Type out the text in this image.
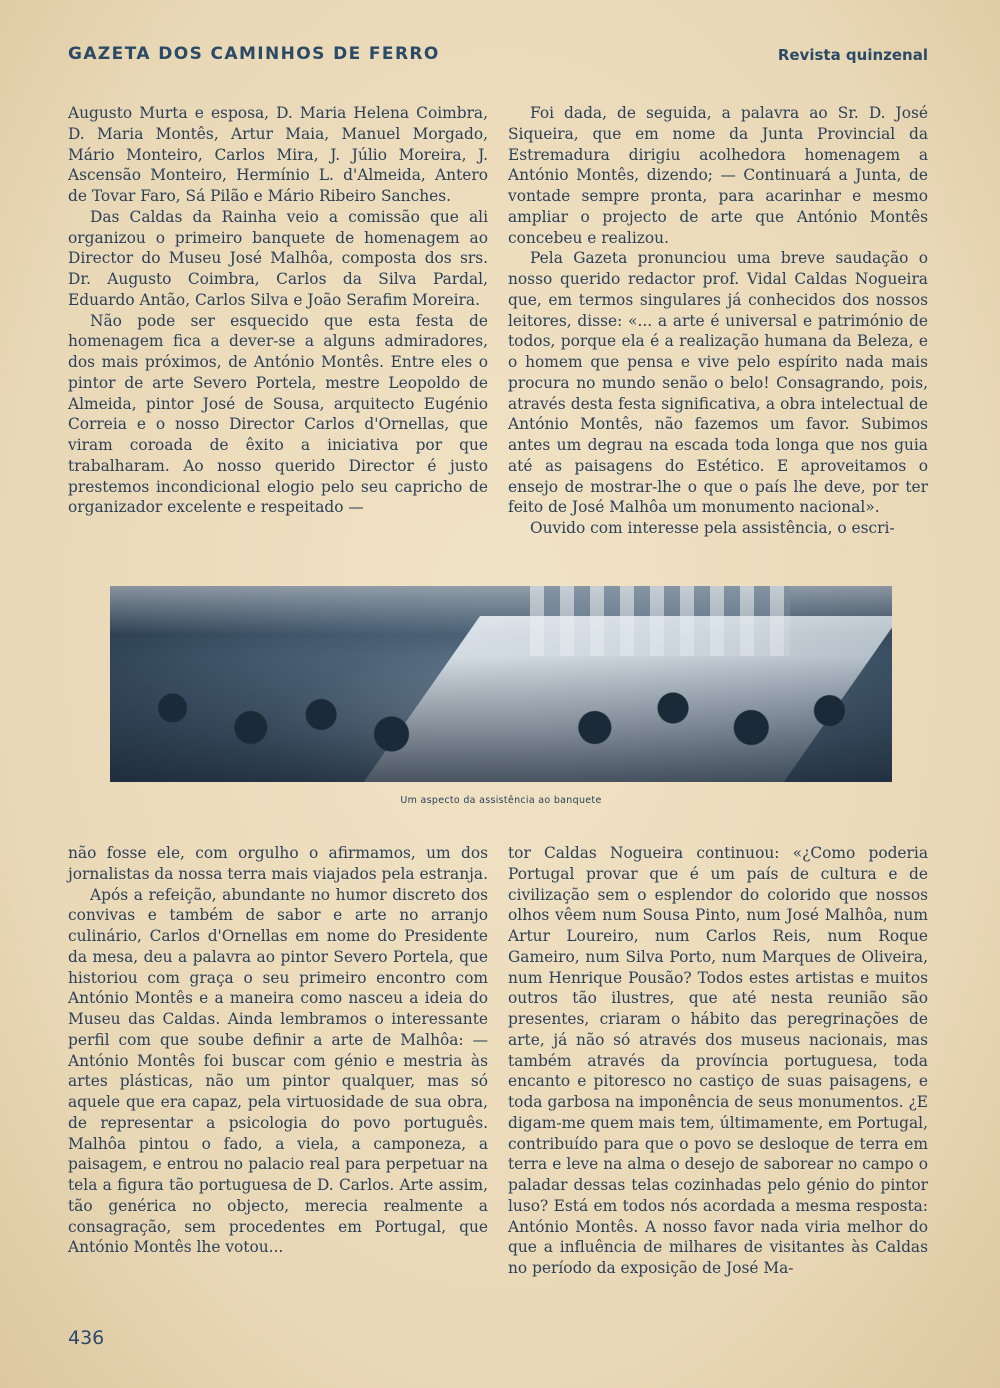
GAZETA DOS CAMINHOS DE FERRO	Revista quinzenal

Augusto Murta e esposa, D. Maria Helena Coimbra, D. Maria Montês, Artur Maia, Manuel Morgado, Mário Monteiro, Carlos Mira, J. Júlio Moreira, J. Ascensão Monteiro, Hermínio L. d'Almeida, Antero de Tovar Faro, Sá Pilão e Mário Ribeiro Sanches.

Das Caldas da Rainha veio a comissão que ali organizou o primeiro banquete de homenagem ao Director do Museu José Malhôa, composta dos srs. Dr. Augusto Coimbra, Carlos da Silva Pardal, Eduardo Antão, Carlos Silva e João Serafim Moreira.

Não pode ser esquecido que esta festa de homenagem fica a dever-se a alguns admiradores, dos mais próximos, de António Montês. Entre eles o pintor de arte Severo Portela, mestre Leopoldo de Almeida, pintor José de Sousa, arquitecto Eugénio Correia e o nosso Director Carlos d'Ornellas, que viram coroada de êxito a iniciativa por que trabalharam. Ao nosso querido Director é justo prestemos incondicional elogio pelo seu capricho de organizador excelente e respeitado —

Foi dada, de seguida, a palavra ao Sr. D. José Siqueira, que em nome da Junta Provincial da Estremadura dirigiu acolhedora homenagem a António Montês, dizendo; — Continuará a Junta, de vontade sempre pronta, para acarinhar e mesmo ampliar o projecto de arte que António Montês concebeu e realizou.

Pela Gazeta pronunciou uma breve saudação o nosso querido redactor prof. Vidal Caldas Nogueira que, em termos singulares já conhecidos dos nossos leitores, disse: «... a arte é universal e património de todos, porque ela é a realização humana da Beleza, e o homem que pensa e vive pelo espírito nada mais procura no mundo senão o belo! Consagrando, pois, através desta festa significativa, a obra intelectual de António Montês, não fazemos um favor. Subimos antes um degrau na escada toda longa que nos guia até as paisagens do Estético. E aproveitamos o ensejo de mostrar-lhe o que o país lhe deve, por ter feito de José Malhôa um monumento nacional».

Ouvido com interesse pela assistência, o escri-

Um aspecto da assistência ao banquete

não fosse ele, com orgulho o afirmamos, um dos jornalistas da nossa terra mais viajados pela estranja.

Após a refeição, abundante no humor discreto dos convivas e também de sabor e arte no arranjo culinário, Carlos d'Ornellas em nome do Presidente da mesa, deu a palavra ao pintor Severo Portela, que historiou com graça o seu primeiro encontro com António Montês e a maneira como nasceu a ideia do Museu das Caldas. Ainda lembramos o interessante perfil com que soube definir a arte de Malhôa: — António Montês foi buscar com génio e mestria às artes plásticas, não um pintor qualquer, mas só aquele que era capaz, pela virtuosidade de sua obra, de representar a psicologia do povo português. Malhôa pintou o fado, a viela, a camponeza, a paisagem, e entrou no palacio real para perpetuar na tela a figura tão portuguesa de D. Carlos. Arte assim, tão genérica no objecto, merecia realmente a consagração, sem procedentes em Portugal, que António Montês lhe votou...

tor Caldas Nogueira continuou: «¿Como poderia Portugal provar que é um país de cultura e de civilização sem o esplendor do colorido que nossos olhos vêem num Sousa Pinto, num José Malhôa, num Artur Loureiro, num Carlos Reis, num Roque Gameiro, num Silva Porto, num Marques de Oliveira, num Henrique Pousão? Todos estes artistas e muitos outros tão ilustres, que até nesta reunião são presentes, criaram o hábito das peregrinações de arte, já não só através dos museus nacionais, mas também através da província portuguesa, toda encanto e pitoresco no castiço de suas paisagens, e toda garbosa na imponência de seus monumentos. ¿E digam-me quem mais tem, últimamente, em Portugal, contribuído para que o povo se desloque de terra em terra e leve na alma o desejo de saborear no campo o paladar dessas telas cozinhadas pelo génio do pintor luso? Está em todos nós acordada a mesma resposta: António Montês. A nosso favor nada viria melhor do que a influência de milhares de visitantes às Caldas no período da exposição de José Ma-

436
